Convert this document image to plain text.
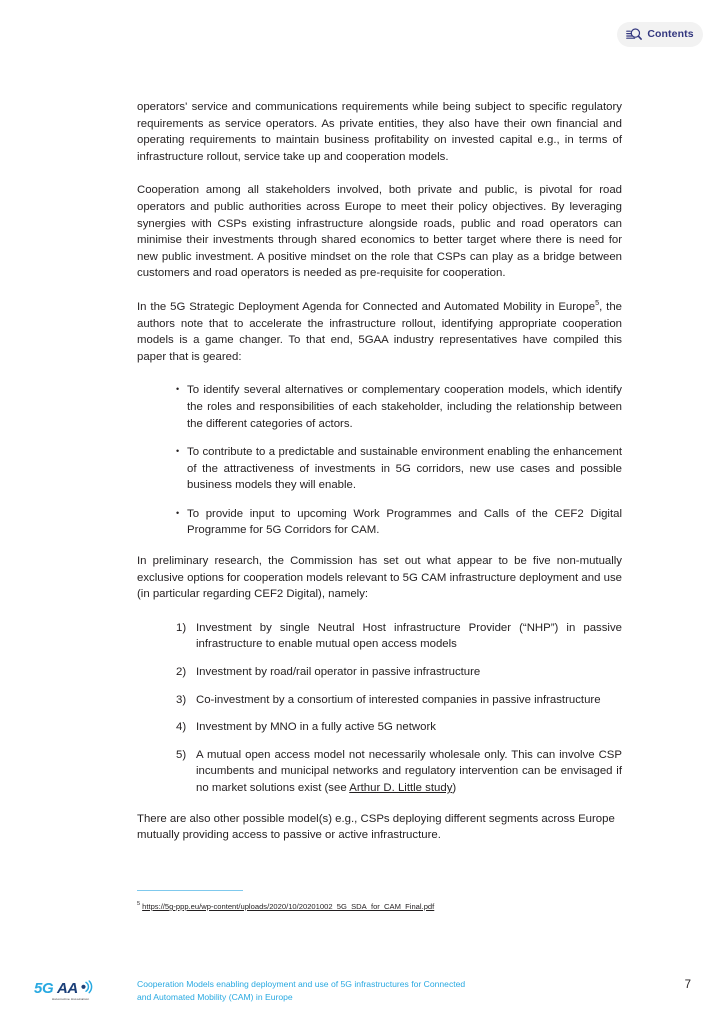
Contents

operators' service and communications requirements while being subject to specific regulatory requirements as service operators. As private entities, they also have their own financial and operating requirements to maintain business profitability on invested capital e.g., in terms of infrastructure rollout, service take up and cooperation models.

Cooperation among all stakeholders involved, both private and public, is pivotal for road operators and public authorities across Europe to meet their policy objectives. By leveraging synergies with CSPs existing infrastructure alongside roads, public and road operators can minimise their investments through shared economics to better target where there is need for new public investment. A positive mindset on the role that CSPs can play as a bridge between customers and road operators is needed as pre-requisite for cooperation.

In the 5G Strategic Deployment Agenda for Connected and Automated Mobility in Europe$^5$, the authors note that to accelerate the infrastructure rollout, identifying appropriate cooperation models is a game changer. To that end, 5GAA industry representatives have compiled this paper that is geared:

• To identify several alternatives or complementary cooperation models, which identify the roles and responsibilities of each stakeholder, including the relationship between the different categories of actors.
• To contribute to a predictable and sustainable environment enabling the enhancement of the attractiveness of investments in 5G corridors, new use cases and possible business models they will enable.
• To provide input to upcoming Work Programmes and Calls of the CEF2 Digital Programme for 5G Corridors for CAM.

In preliminary research, the Commission has set out what appear to be five non-mutually exclusive options for cooperation models relevant to 5G CAM infrastructure deployment and use (in particular regarding CEF2 Digital), namely:

Investment by single Neutral Host infrastructure Provider (“NHP”) in passive infrastructure to enable mutual open access models
Investment by road/rail operator in passive infrastructure
Co-investment by a consortium of interested companies in passive infrastructure
Investment by MNO in a fully active 5G network
A mutual open access model not necessarily wholesale only. This can involve CSP incumbents and municipal networks and regulatory intervention can be envisaged if no market solutions exist (see Arthur D. Little study)

There are also other possible model(s) e.g., CSPs deploying different segments across Europe mutually providing access to passive or active infrastructure.

$^5$ https://5g-ppp.eu/wp-content/uploads/2020/10/20201002_5G_SDA_for_CAM_Final.pdf
5G AA
Automotive Association
Cooperation Models enabling deployment and use of 5G infrastructures for Connected
and Automated Mobility (CAM) in Europe
7
